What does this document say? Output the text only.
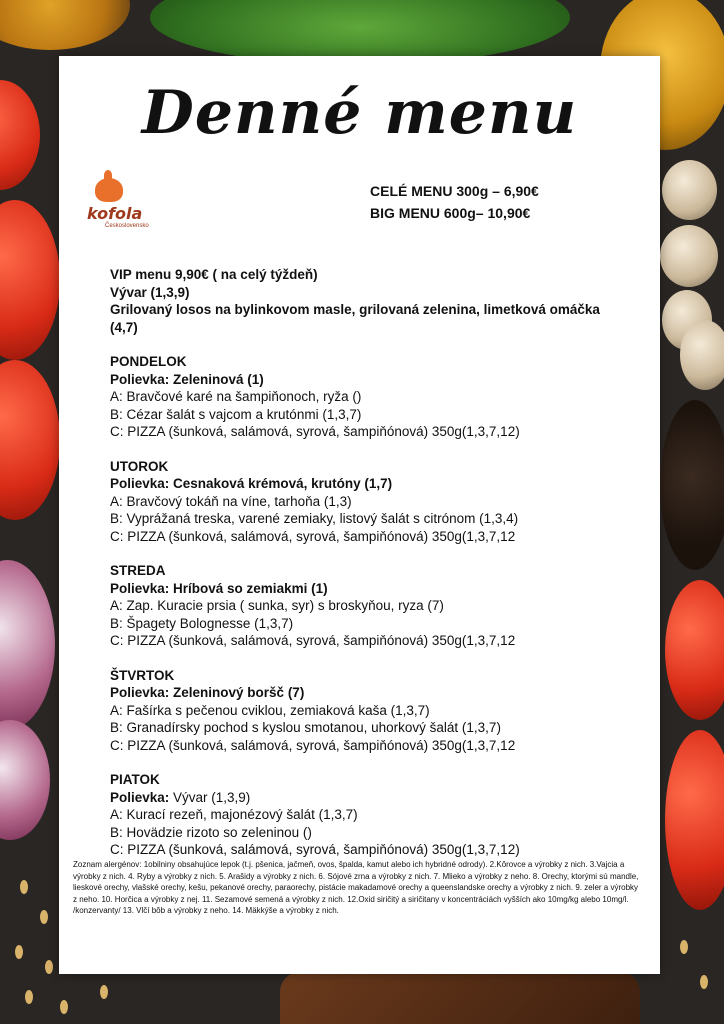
Denné menu
kofola
Československo
CELÉ MENU 300g – 6,90€
BIG MENU 600g– 10,90€
VIP menu 9,90€ ( na celý týždeň)
Vývar (1,3,9)
Grilovaný losos na bylinkovom masle, grilovaná zelenina, limetková omáčka (4,7)
PONDELOK
Polievka: Zeleninová (1)
A: Bravčové karé na šampiňonoch, ryža ()
B: Cézar šalát s vajcom a krutónmi (1,3,7)
C: PIZZA (šunková, salámová, syrová, šampiňónová) 350g(1,3,7,12)
UTOROK
Polievka: Cesnaková krémová, krutóny (1,7)
A: Bravčový tokáň na víne, tarhoňa (1,3)
B: Vyprážaná treska, varené zemiaky, listový šalát s citrónom (1,3,4)
C: PIZZA (šunková, salámová, syrová, šampiňónová) 350g(1,3,7,12
STREDA
Polievka: Hríbová so zemiakmi (1)
A: Zap. Kuracie prsia ( sunka, syr) s broskyňou, ryza (7)
B: Špagety Bolognesse (1,3,7)
C: PIZZA (šunková, salámová, syrová, šampiňónová) 350g(1,3,7,12
ŠTVRTOK
Polievka: Zeleninový boršč (7)
A: Fašírka s pečenou cviklou, zemiaková kaša (1,3,7)
B: Granadírsky pochod s kyslou smotanou, uhorkový šalát (1,3,7)
C: PIZZA (šunková, salámová, syrová, šampiňónová) 350g(1,3,7,12
PIATOK
Polievka: Vývar (1,3,9)
A: Kurací rezeň, majonézový šalát (1,3,7)
B: Hovädzie rizoto so zeleninou ()
C: PIZZA (šunková, salámová, syrová, šampiňónová) 350g(1,3,7,12)
Zoznam alergénov: 1obilniny obsahujúce lepok (t.j. pšenica, jačmeň, ovos, špalda, kamut alebo ich hybridné odrody). 2.Kôrovce a výrobky z nich. 3.Vajcia a výrobky z nich. 4. Ryby a výrobky z nich. 5. Arašidy a výrobky z nich. 6. Sójové zrna a výrobky z nich. 7. Mlieko a výrobky z neho. 8. Orechy, ktorými sú mandle, lieskové orechy, vlašské orechy, kešu, pekanové orechy, paraorechy, pistácie makadamové orechy a queenslandske orechy a výrobky z nich. 9. zeler a výrobky z neho. 10. Horčica a výrobky z nej. 11. Sezamové semená a výrobky z nich. 12.Oxid siričitý a siričitany v koncentráciách vyšších ako 10mg/kg alebo 10mg/l. /konzervanty/ 13. Vlčí bôb a výrobky z neho. 14. Mäkkýše a výrobky z nich.
